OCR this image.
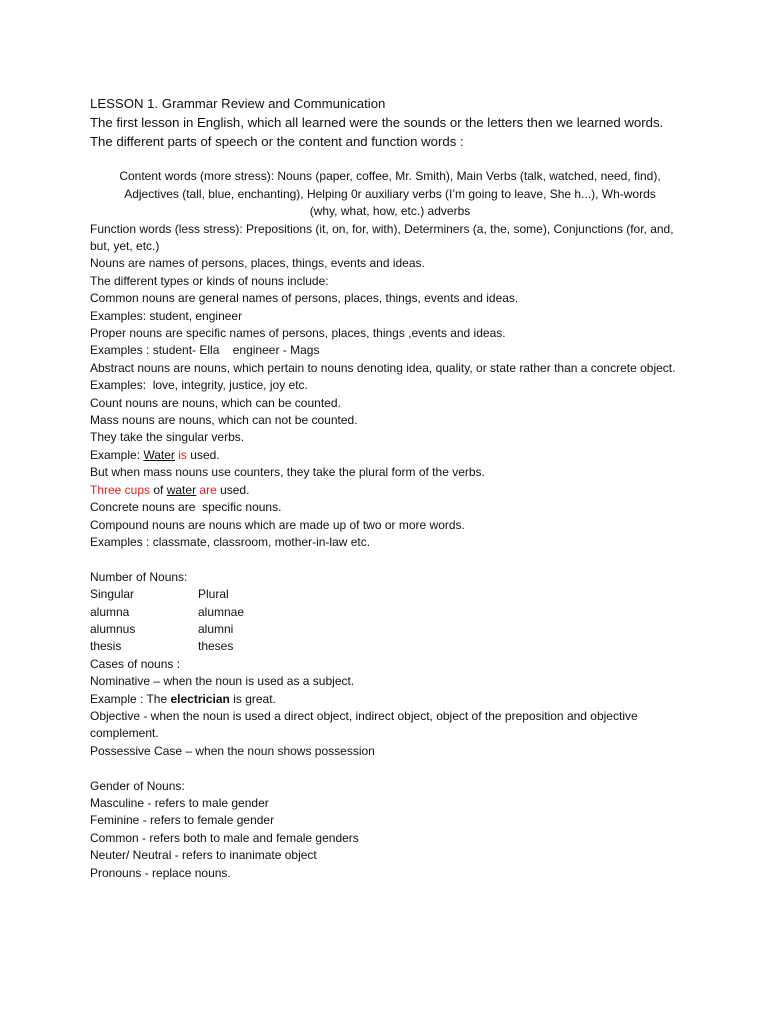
LESSON 1. Grammar Review and Communication
The first lesson in English, which all learned were the sounds or the letters then we learned words.
The different parts of speech or the content and function words :
Content words (more stress): Nouns (paper, coffee, Mr. Smith), Main Verbs (talk, watched, need, find),
Adjectives (tall, blue, enchanting), Helping 0r auxiliary verbs (I’m going to leave, She h...), Wh-words
(why, what, how, etc.) adverbs
Function words (less stress): Prepositions (it, on, for, with), Determiners (a, the, some), Conjunctions (for, and, but, yet, etc.)
Nouns are names of persons, places, things, events and ideas.
The different types or kinds of nouns include:
Common nouns are general names of persons, places, things, events and ideas.
Examples: student, engineer
Proper nouns are specific names of persons, places, things ,events and ideas.
Examples : student- Ella    engineer - Mags
Abstract nouns are nouns, which pertain to nouns denoting idea, quality, or state rather than a concrete object.
Examples:  love, integrity, justice, joy etc.
Count nouns are nouns, which can be counted.
Mass nouns are nouns, which can not be counted.
They take the singular verbs.
Example: Water is used.
But when mass nouns use counters, they take the plural form of the verbs.
Three cups of water are used.
Concrete nouns are  specific nouns.
Compound nouns are nouns which are made up of two or more words.
Examples : classmate, classroom, mother-in-law etc.
Number of Nouns:
Singular	Plural
alumna	alumnae
alumnus	alumni
thesis	theses
Cases of nouns :
Nominative – when the noun is used as a subject.
Example : The electrician is great.
Objective - when the noun is used a direct object, indirect object, object of the preposition and objective complement.
Possessive Case – when the noun shows possession
Gender of Nouns:
Masculine - refers to male gender
Feminine - refers to female gender
Common - refers both to male and female genders
Neuter/ Neutral - refers to inanimate object
Pronouns - replace nouns.
